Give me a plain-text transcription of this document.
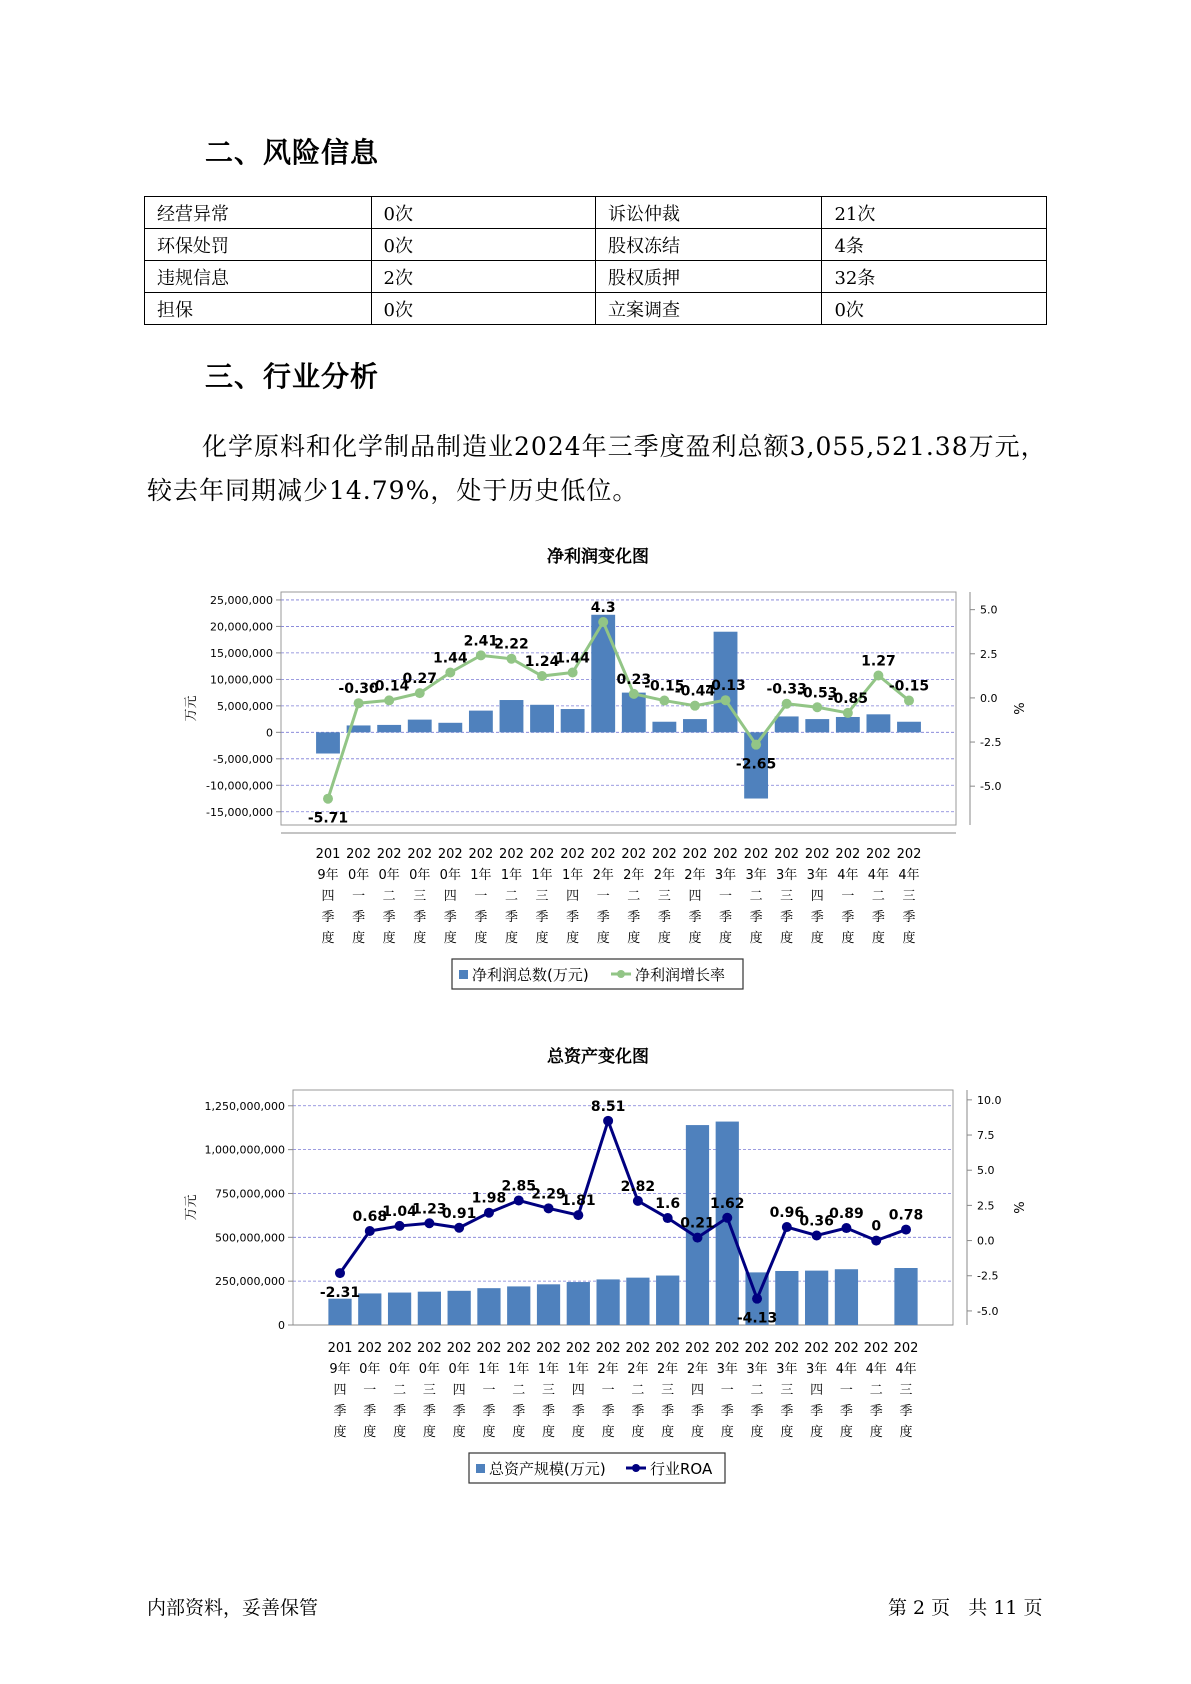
二、风险信息
经营异常	0次	诉讼仲裁	21次
环保处罚	0次	股权冻结	4条
违规信息	2次	股权质押	32条
担保	0次	立案调查	0次
三、行业分析

化学原料和化学制品制造业2024年三季度盈利总额3,055,521.38万元，较去年同期减少14.79%，处于历史低位。

净利润变化图
25,000,000
20,000,000
15,000,000
10,000,000
5,000,000
0
-5,000,000
-10,000,000
-15,000,000
5.0
2.5
0.0
-2.5
-5.0
万元	%
-5.71
-0.30
-0.14
0.27
1.44
2.41
2.22
1.24
1.44
4.3
0.23
-0.15
-0.44
-0.13
-2.65
-0.33
-0.53
-0.85
1.27
-0.15
201
9年
四
季
度
202
0年
一
季
度
202
0年
二
季
度
202
0年
三
季
度
202
0年
四
季
度
202
1年
一
季
度
202
1年
二
季
度
202
1年
三
季
度
202
1年
四
季
度
202
2年
一
季
度
202
2年
二
季
度
202
2年
三
季
度
202
2年
四
季
度
202
3年
一
季
度
202
3年
二
季
度
202
3年
三
季
度
202
3年
四
季
度
202
4年
一
季
度
202
4年
二
季
度
202
4年
三
季
度
净利润总数(万元)	净利润增长率
总资产变化图
1,250,000,000
1,000,000,000
750,000,000
500,000,000
250,000,000
0
10.0
7.5
5.0
2.5
0.0
-2.5
-5.0
万元	%
-2.31
0.68
1.04
1.23
0.91
1.98
2.85
2.29
1.81
8.51
2.82
1.6
0.21
1.62
-4.13
0.96
0.36
0.89
0
0.78
201
9年
四
季
度
202
0年
一
季
度
202
0年
二
季
度
202
0年
三
季
度
202
0年
四
季
度
202
1年
一
季
度
202
1年
二
季
度
202
1年
三
季
度
202
1年
四
季
度
202
2年
一
季
度
202
2年
二
季
度
202
2年
三
季
度
202
2年
四
季
度
202
3年
一
季
度
202
3年
二
季
度
202
3年
三
季
度
202
3年
四
季
度
202
4年
一
季
度
202
4年
二
季
度
202
4年
三
季
度
总资产规模(万元)	行业ROA
内部资料，妥善保管	第 2 页   共 11 页
